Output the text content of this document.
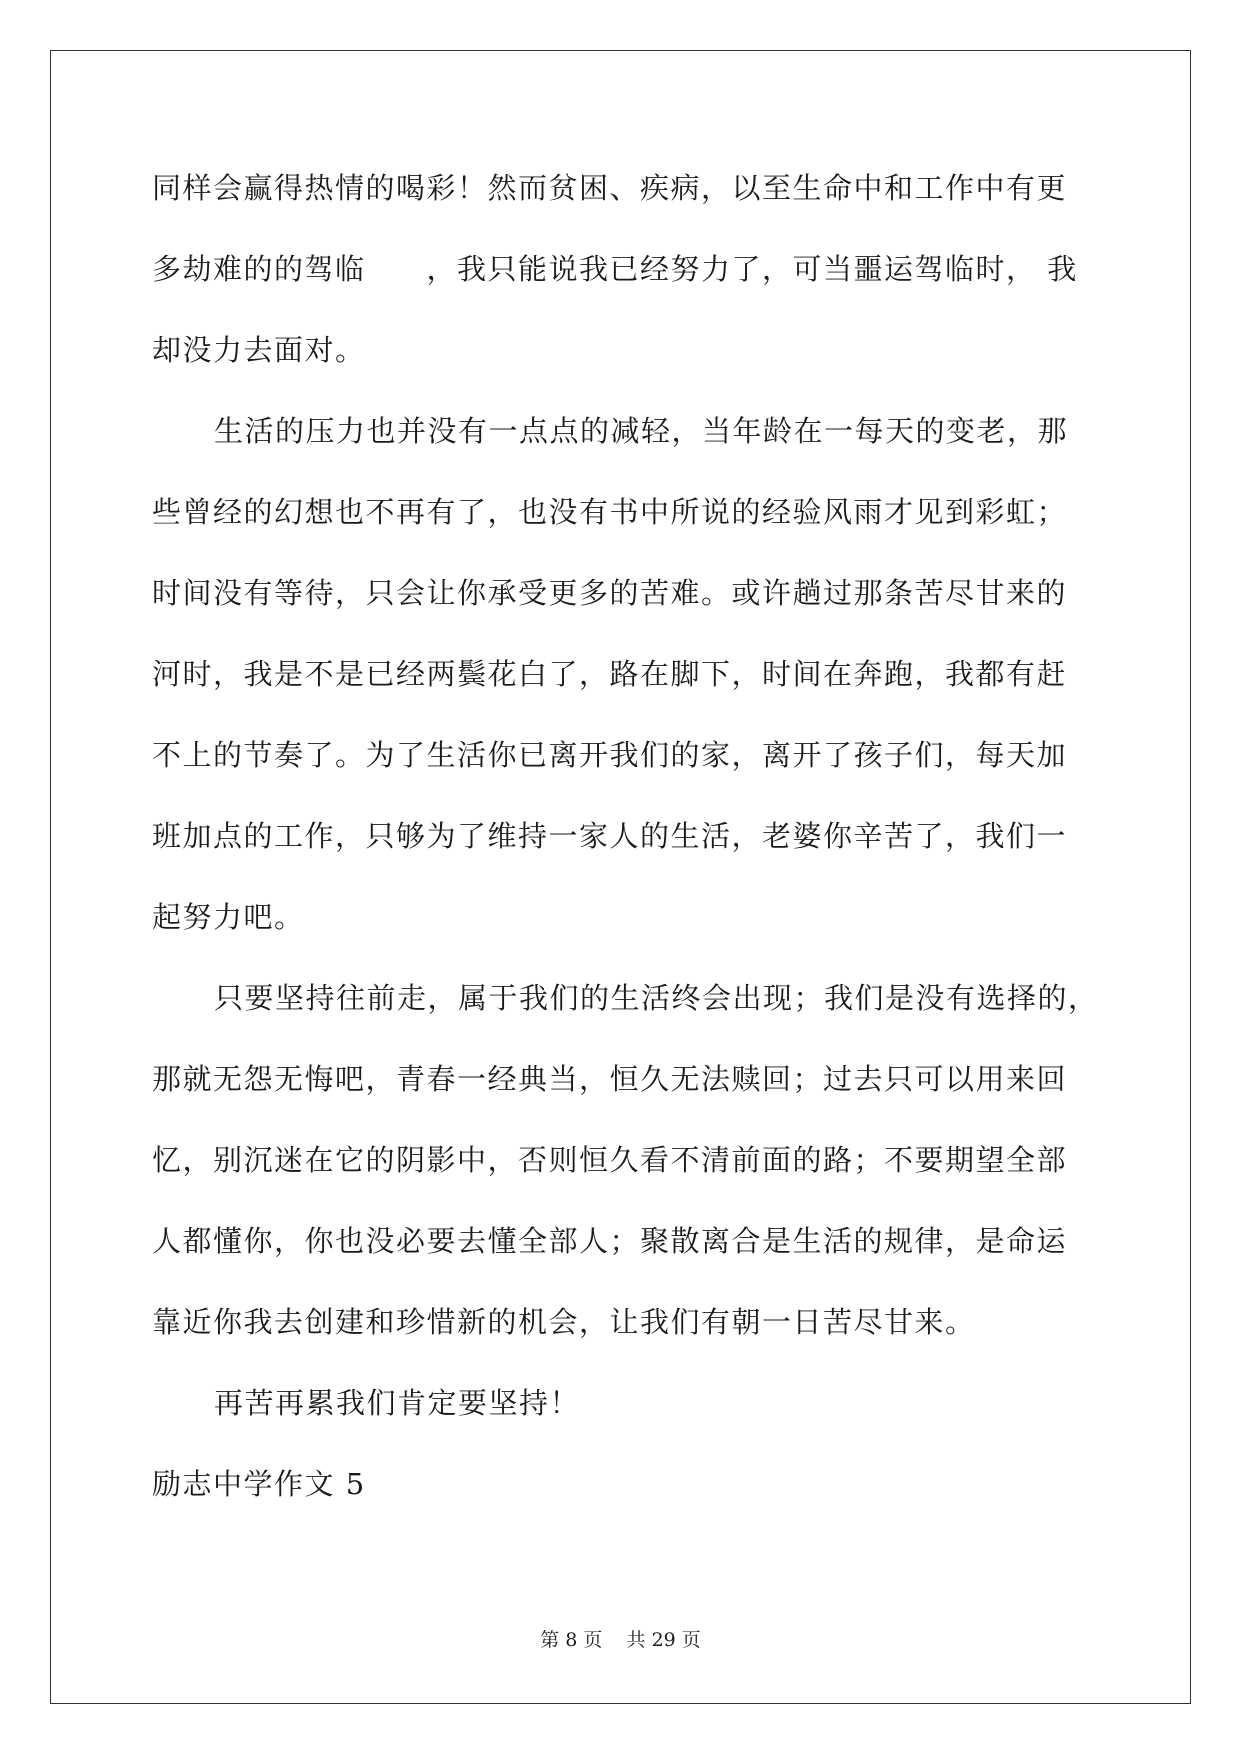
同样会赢得热情的喝彩！然而贫困、疾病，以至生命中和工作中有更
多劫难的的驾临　　，我只能说我已经努力了，可当噩运驾临时， 我
却没力去面对。
生活的压力也并没有一点点的减轻，当年龄在一每天的变老，那
些曾经的幻想也不再有了，也没有书中所说的经验风雨才见到彩虹；
时间没有等待，只会让你承受更多的苦难。或许趟过那条苦尽甘来的
河时，我是不是已经两鬓花白了，路在脚下，时间在奔跑，我都有赶
不上的节奏了。为了生活你已离开我们的家，离开了孩子们，每天加
班加点的工作，只够为了维持一家人的生活，老婆你辛苦了，我们一
起努力吧。
只要坚持往前走，属于我们的生活终会出现；我们是没有选择的，
那就无怨无悔吧，青春一经典当，恒久无法赎回；过去只可以用来回
忆，别沉迷在它的阴影中，否则恒久看不清前面的路；不要期望全部
人都懂你，你也没必要去懂全部人；聚散离合是生活的规律，是命运
靠近你我去创建和珍惜新的机会，让我们有朝一日苦尽甘来。
再苦再累我们肯定要坚持！
励志中学作文 5
第 8 页 共 29 页
